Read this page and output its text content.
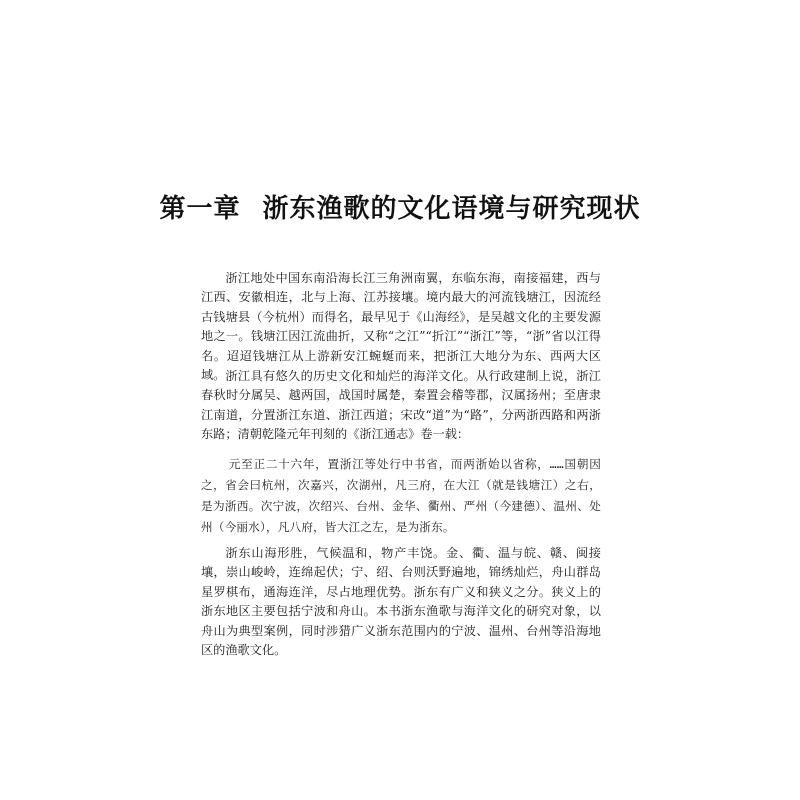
第一章 浙东渔歌的文化语境与研究现状

浙江地处中国东南沿海长江三角洲南翼，东临东海，南接福建，西与江西、安徽相连，北与上海、江苏接壤。境内最大的河流钱塘江，因流经古钱塘县（今杭州）而得名，最早见于《山海经》，是吴越文化的主要发源地之一。钱塘江因江流曲折，又称“之江”“折江”“浙江”等，“浙”省以江得名。迢迢钱塘江从上游新安江蜿蜒而来，把浙江大地分为东、西两大区域。 浙江具有悠久的历史文化和灿烂的海洋文化。从行政建制上说，浙江春秋时分属吴、越两国，战国时属楚，秦置会稽等郡，汉属扬州；至唐隶江南道，分置浙江东道、浙江西道；宋改“道”为“路”，分两浙西路和两浙东路；清朝乾隆元年刊刻的《浙江通志》卷一载：

元至正二十六年，置浙江等处行中书省，而两浙始以省称，……国朝因之，省会曰杭州，次嘉兴，次湖州，凡三府，在大江（就是钱塘江）之右，是为浙西。次宁波，次绍兴、台州、金华、衢州、严州（今建德）、温州、处州（今丽水），凡八府，皆大江之左，是为浙东。

浙东山海形胜，气候温和，物产丰饶。金、衢、温与皖、赣、闽接壤，崇山峻岭，连绵起伏；宁、绍、台则沃野遍地，锦绣灿烂，舟山群岛星罗棋布，通海连洋，尽占地理优势。浙东有广义和狭义之分。狭义上的浙东地区主要包括宁波和舟山。本书浙东渔歌与海洋文化的研究对象，以舟山为典型案例，同时涉猎广义浙东范围内的宁波、温州、台州等沿海地区的渔歌文化。
